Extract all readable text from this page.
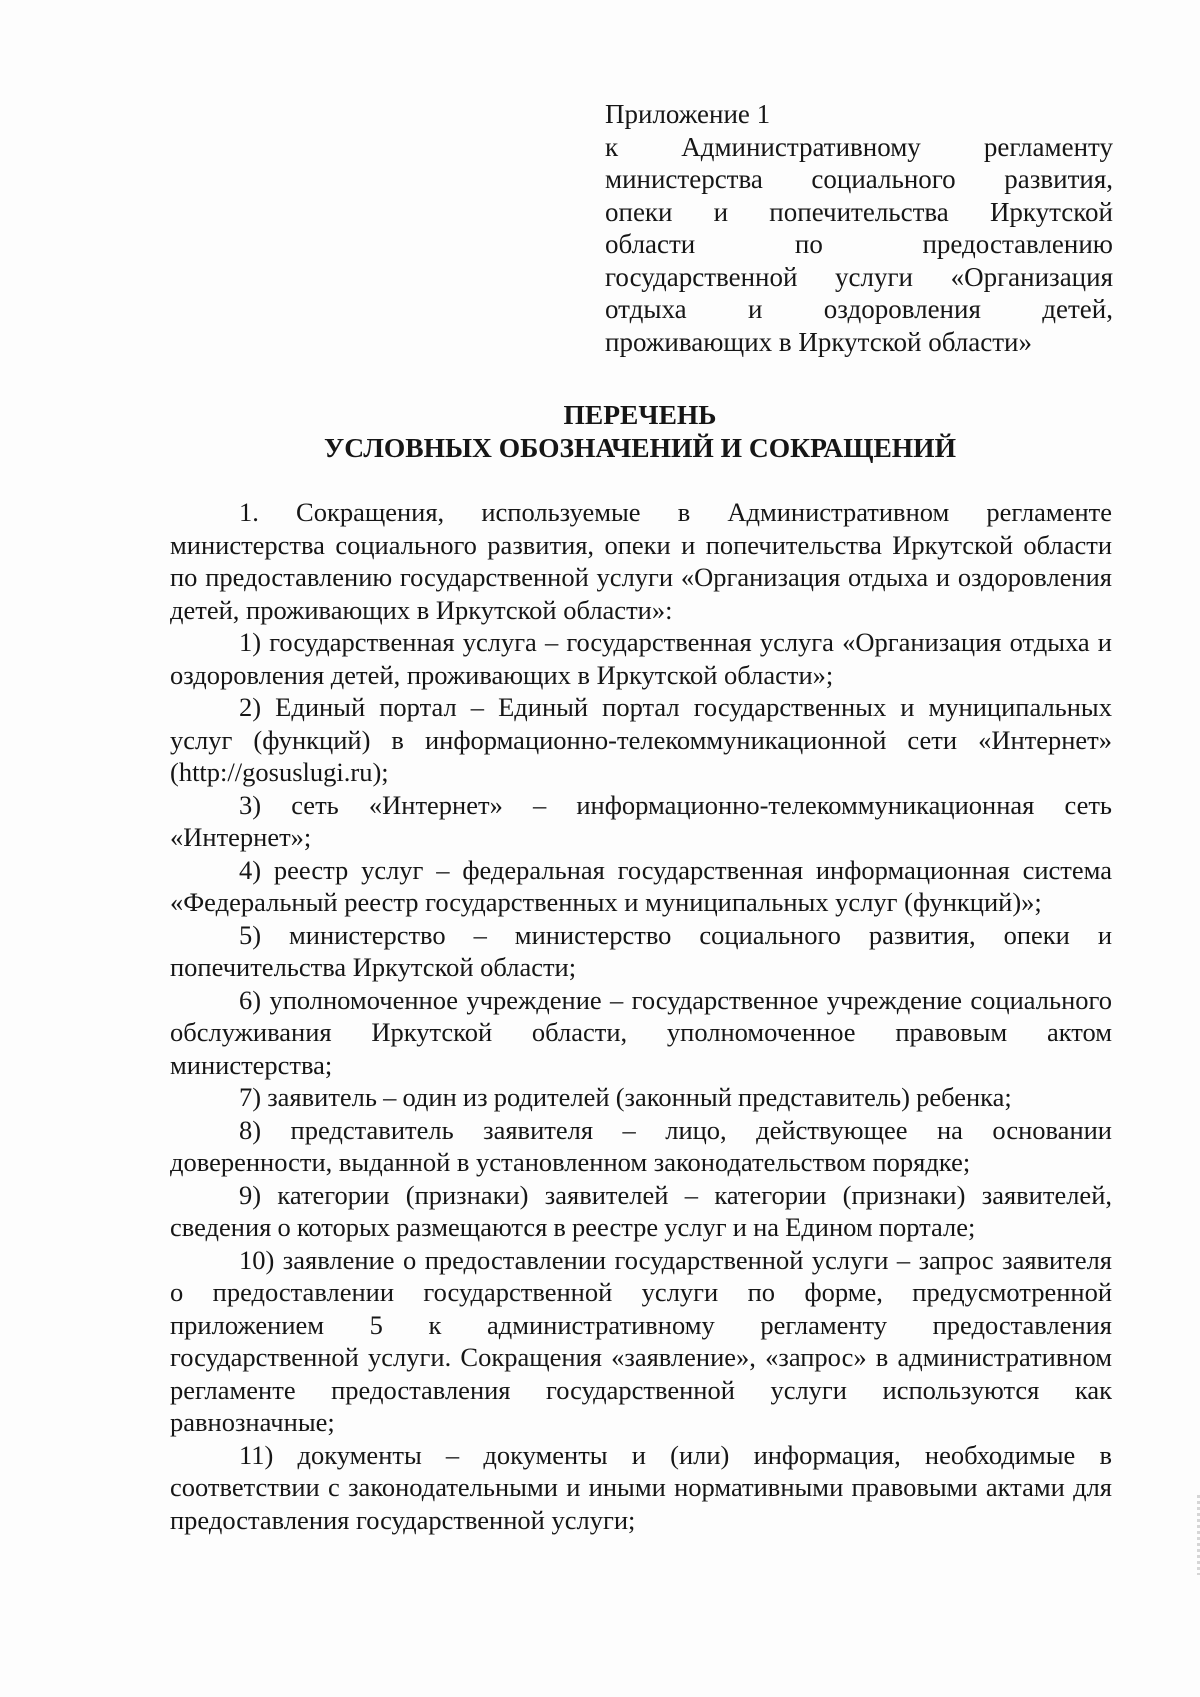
Приложение 1
к Административному регламенту
министерства социального развития,
опеки и попечительства Иркутской
области	по	предоставлению
государственной услуги «Организация
отдыха и оздоровления детей,
проживающих в Иркутской области»
ПЕРЕЧЕНЬ
УСЛОВНЫХ ОБОЗНАЧЕНИЙ И СОКРАЩЕНИЙ

1. Сокращения, используемые в Административном регламенте министерства социального развития, опеки и попечительства Иркутской области по предоставлению государственной услуги «Организация отдыха и оздоровления детей, проживающих в Иркутской области»:

1) государственная услуга – государственная услуга «Организация отдыха и оздоровления детей, проживающих в Иркутской области»;

2) Единый портал – Единый портал государственных и муниципальных услуг (функций) в информационно-телекоммуникационной сети «Интернет» (http://gosuslugi.ru);

3) сеть «Интернет» – информационно-телекоммуникационная сеть «Интернет»;

4) реестр услуг – федеральная государственная информационная система «Федеральный реестр государственных и муниципальных услуг (функций)»;

5) министерство – министерство социального развития, опеки и попечительства Иркутской области;

6) уполномоченное учреждение – государственное учреждение социального обслуживания Иркутской области, уполномоченное правовым актом министерства;

7) заявитель – один из родителей (законный представитель) ребенка;

8) представитель заявителя – лицо, действующее на основании доверенности, выданной в установленном законодательством порядке;

9) категории (признаки) заявителей – категории (признаки) заявителей, сведения о которых размещаются в реестре услуг и на Едином портале;

10) заявление о предоставлении государственной услуги – запрос заявителя о предоставлении государственной услуги по форме, предусмотренной приложением 5 к административному регламенту предоставления государственной услуги. Сокращения «заявление», «запрос» в административном регламенте предоставления государственной услуги используются как равнозначные;

11) документы – документы и (или) информация, необходимые в соответствии с законодательными и иными нормативными правовыми актами для предоставления государственной услуги;
